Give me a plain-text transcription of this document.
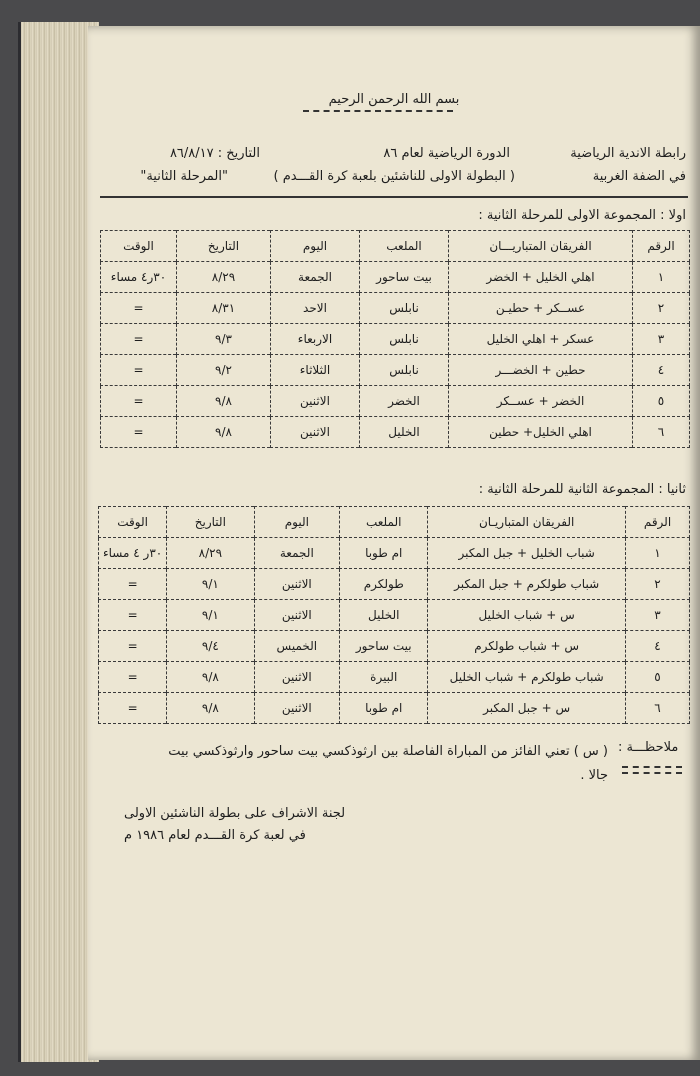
بسم الله الرحمن الرحيم
رابطة الاندية الرياضية
الدورة الرياضية لعام ٨٦
التاريخ : ٨٦/٨/١٧
في الضفة الغربية
( البطولة الاولى للناشئين بلعبة كرة القـــدم )
"المرحلة الثانية"
اولا : المجموعة الاولى للمرحلة الثانية :
الرقم	الفريقان المتباريـــان	الملعب	اليوم	التاريخ	الوقت
١	اهلي الخليل + الخضر	بيت ساحور	الجمعة	٨/٢٩	٣٠ر٤ مساء
٢	عســكر + حطيـن	نابلس	الاحد	٨/٣١	=
٣	عسكر + اهلي الخليل	نابلس	الاربعاء	٩/٣	=
٤	حطين + الخضـــر	نابلس	الثلاثاء	٩/٢	=
٥	الخضر + عســكر	الخضر	الاثنين	٩/٨	=
٦	اهلي الخليل+ حطين	الخليل	الاثنين	٩/٨	=
ثانيا : المجموعة الثانية للمرحلة الثانية :
الرقم	الفريقان المتباريـان	الملعب	اليوم	التاريخ	الوقت
١	شباب الخليل + جبل المكبر	ام طوبا	الجمعة	٨/٢٩	٣٠ر ٤ مساء
٢	شباب طولكرم + جبل المكبر	طولكرم	الاثنين	٩/١	=
٣	س + شباب الخليل	الخليل	الاثنين	٩/١	=
٤	س + شباب طولكرم	بيت ساحور	الخميس	٩/٤	=
٥	شباب طولكرم + شباب الخليل	البيرة	الاثنين	٩/٨	=
٦	س + جبل المكبر	ام طوبا	الاثنين	٩/٨	=
ملاحظـــة :
( س ) تعني الفائز من المباراة الفاصلة بين ارثوذكسي بيت ساحور وارثوذكسي بيت جالا .
لجنة الاشراف على بطولة الناشئين الاولى
في لعبة كرة القـــدم لعام ١٩٨٦ م
